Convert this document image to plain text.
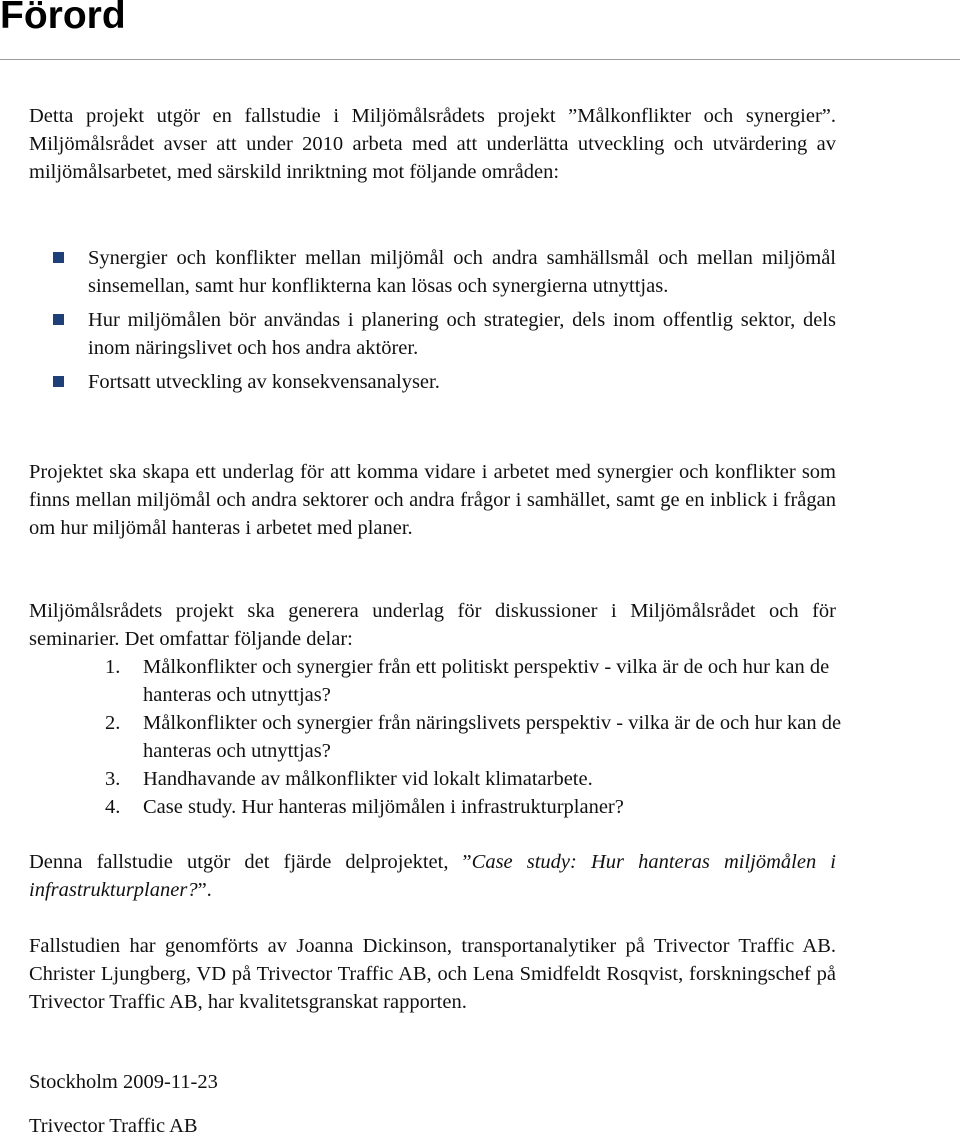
Förord

Detta projekt utgör en fallstudie i Miljömålsrådets projekt ”Målkonflikter och synergier”. Miljömålsrådet avser att under 2010 arbeta med att underlätta utveckling och utvärdering av miljömålsarbetet, med särskild inriktning mot följande områden:

Synergier och konflikter mellan miljömål och andra samhällsmål och mellan miljömål sinsemellan, samt hur konflikterna kan lösas och synergierna utnyttjas.
Hur miljömålen bör användas i planering och strategier, dels inom offentlig sektor, dels inom näringslivet och hos andra aktörer.
Fortsatt utveckling av konsekvensanalyser.

Projektet ska skapa ett underlag för att komma vidare i arbetet med synergier och konflikter som finns mellan miljömål och andra sektorer och andra frågor i samhället, samt ge en inblick i frågan om hur miljömål hanteras i arbetet med planer.

Miljömålsrådets projekt ska generera underlag för diskussioner i Miljömålsrådet och för seminarier. Det omfattar följande delar:

1. Målkonflikter och synergier från ett politiskt perspektiv - vilka är de och hur kan de hanteras och utnyttjas?
2. Målkonflikter och synergier från näringslivets perspektiv - vilka är de och hur kan de hanteras och utnyttjas?
3. Handhavande av målkonflikter vid lokalt klimatarbete.
4. Case study. Hur hanteras miljömålen i infrastrukturplaner?

Denna fallstudie utgör det fjärde delprojektet, ”Case study: Hur hanteras miljömålen i infrastrukturplaner?”.

Fallstudien har genomförts av Joanna Dickinson, transportanalytiker på Trivector Traffic AB. Christer Ljungberg, VD på Trivector Traffic AB, och Lena Smidfeldt Rosqvist, forskningschef på Trivector Traffic AB, har kvalitetsgranskat rapporten.

Stockholm 2009-11-23

Trivector Traffic AB
